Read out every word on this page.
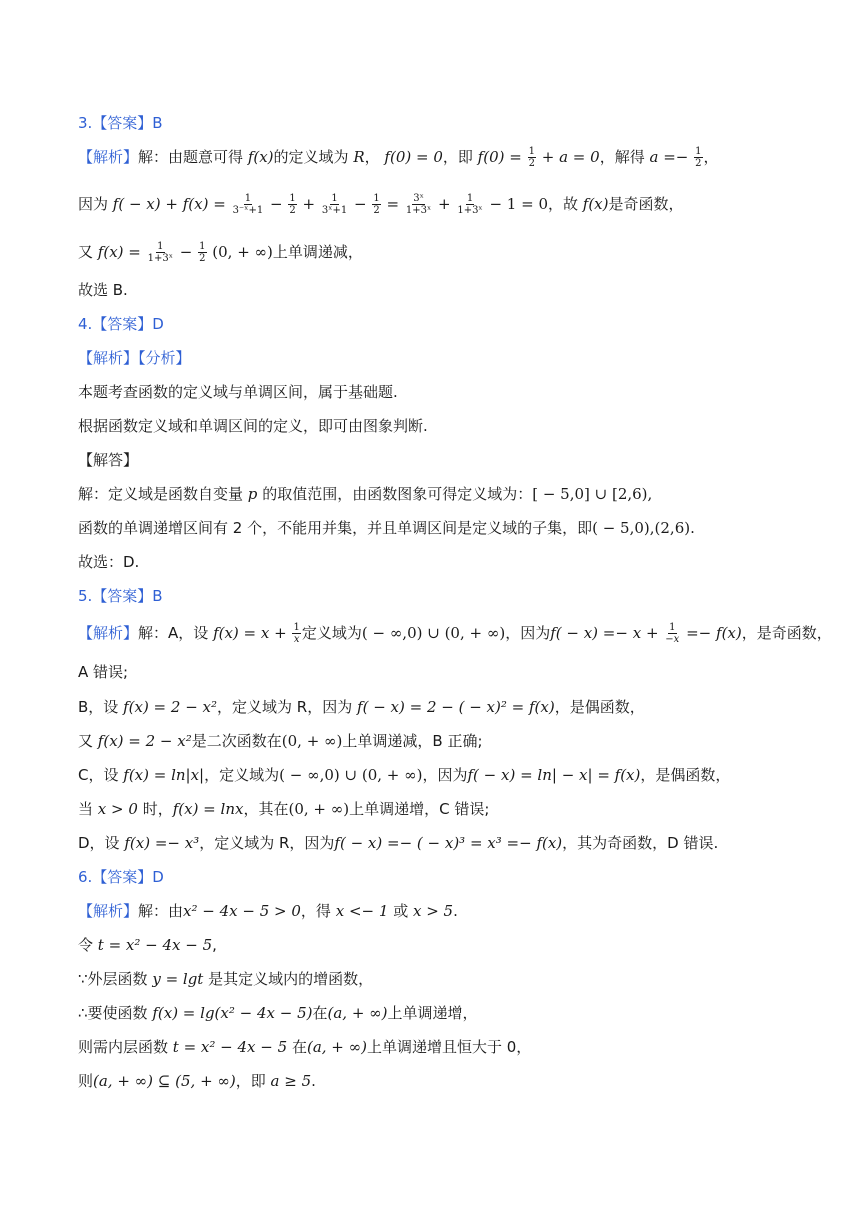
3.【答案】B
【解析】解：由题意可得 f(x)的定义域为 R， f(0) = 0，即 $f(0) = \frac{1}{2} + a = 0$，解得 $a =- \frac{1}{2}$ ，
因为 $f( - x) + f(x) = \frac{1}{\text{3⁻ˣ+1}} - \frac{1}{2} + \frac{1}{\text{3ˣ+1}} - \frac{1}{2} = \frac{\text{3ˣ}}{\text{1+3ˣ}} + \frac{1}{\text{1+3ˣ}} - 1 = 0$，故 f(x)是奇函数，
又 $f(x) = \frac{1}{\text{1+3ˣ}} - \frac{1}{2} (0$, + ∞)上单调递减，
故选 B.
4.【答案】D
【解析】【分析】
本题考查函数的定义域与单调区间，属于基础题.
根据函数定义域和单调区间的定义，即可由图象判断.
【解答】
解：定义域是函数自变量 p 的取值范围，由函数图象可得定义域为：[ − 5,0] ∪ [2,6),
函数的单调递增区间有 2 个，不能用并集，并且单调区间是定义域的子集，即( − 5,0),(2,6).
故选：D.
5.【答案】B
【解析】解：A，设 $f(x) = x + \frac{1}{x}$ 定义域为( − ∞,0) ∪ (0, + ∞)，因为$f( - x) =- x + \frac{1}{-x} =- f(x)$，是奇函数，
A 错误;
B，设 f(x) = 2 − x²，定义域为 R，因为 f( − x) = 2 − ( − x)² = f(x)，是偶函数，
又 f(x) = 2 − x²是二次函数在(0, + ∞)上单调递减，B 正确;
C，设 f(x) = ln|x|，定义域为( − ∞,0) ∪ (0, + ∞)，因为f( − x) = ln| − x| = f(x)，是偶函数，
当 x > 0 时，f(x) = lnx，其在(0, + ∞)上单调递增，C 错误;
D，设 f(x) =− x³，定义域为 R，因为f( − x) =− ( − x)³ = x³ =− f(x)，其为奇函数，D 错误.
6.【答案】D
【解析】解：由x² − 4x − 5 > 0，得 x <− 1 或 x > 5.
令 t = x² − 4x − 5,
∵外层函数 y = lgt 是其定义域内的增函数，
∴要使函数 f(x) = lg(x² − 4x − 5)在(a, + ∞)上单调递增，
则需内层函数 t = x² − 4x − 5 在(a, + ∞)上单调递增且恒大于 0，
则(a, + ∞) ⊆ (5, + ∞)，即 a ≥ 5.
